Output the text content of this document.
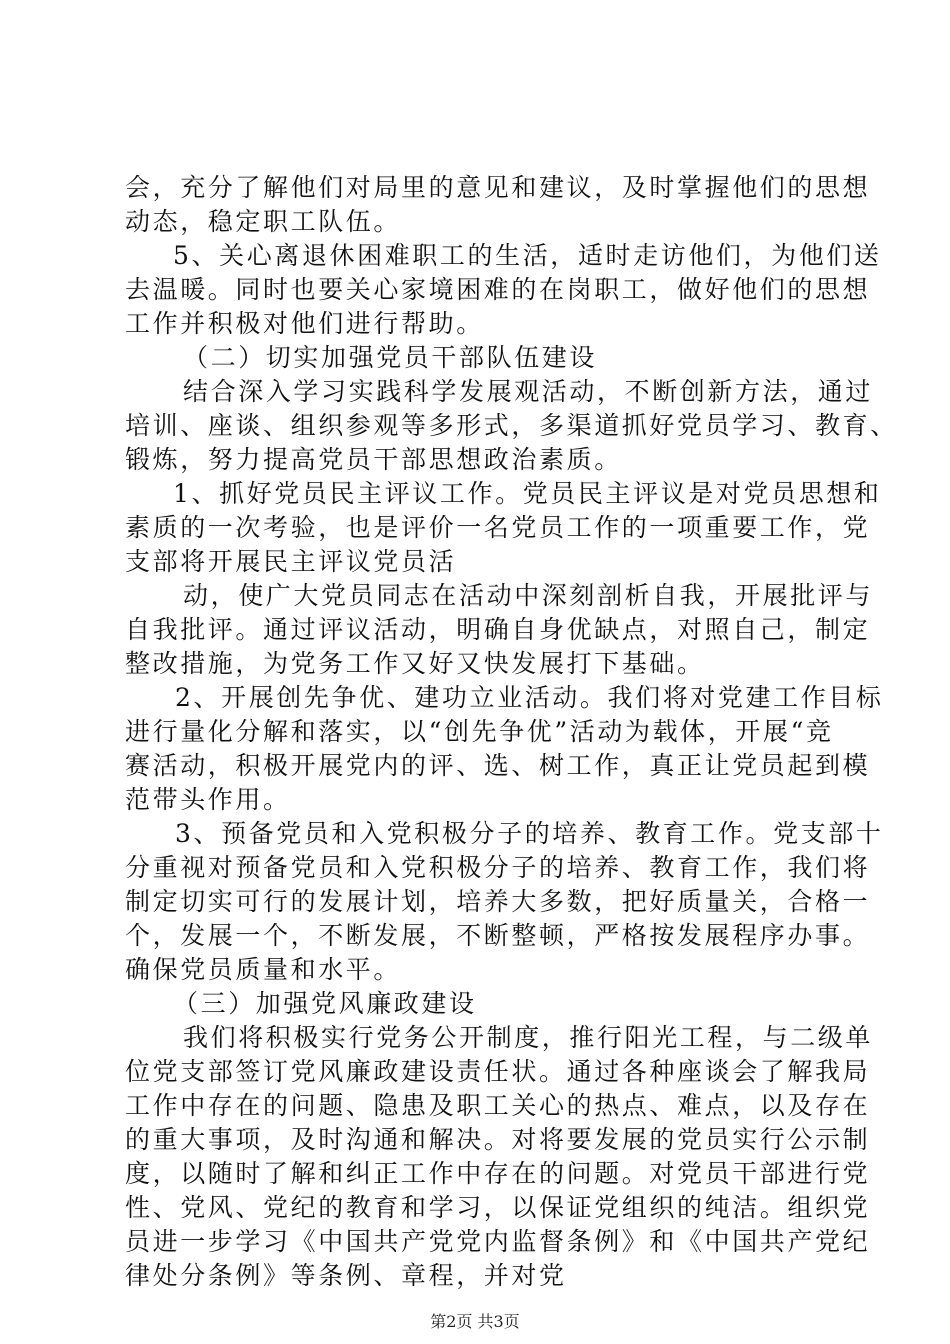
会，充分了解他们对局里的意见和建议，及时掌握他们的思想
动态，稳定职工队伍。
5、关心离退休困难职工的生活，适时走访他们，为他们送
去温暖。同时也要关心家境困难的在岗职工，做好他们的思想
工作并积极对他们进行帮助。
（二）切实加强党员干部队伍建设
结合深入学习实践科学发展观活动，不断创新方法，通过
培训、座谈、组织参观等多形式，多渠道抓好党员学习、教育、
锻炼，努力提高党员干部思想政治素质。
1、抓好党员民主评议工作。党员民主评议是对党员思想和
素质的一次考验，也是评价一名党员工作的一项重要工作，党
支部将开展民主评议党员活
动，使广大党员同志在活动中深刻剖析自我，开展批评与
自我批评。通过评议活动，明确自身优缺点，对照自己，制定
整改措施，为党务工作又好又快发展打下基础。
2、开展创先争优、建功立业活动。我们将对党建工作目标
进行量化分解和落实，以“创先争优”活动为载体，开展“竞
赛活动，积极开展党内的评、选、树工作，真正让党员起到模
范带头作用。
3、预备党员和入党积极分子的培养、教育工作。党支部十
分重视对预备党员和入党积极分子的培养、教育工作，我们将
制定切实可行的发展计划，培养大多数，把好质量关，合格一
个，发展一个，不断发展，不断整顿，严格按发展程序办事。
确保党员质量和水平。
（三）加强党风廉政建设
我们将积极实行党务公开制度，推行阳光工程，与二级单
位党支部签订党风廉政建设责任状。通过各种座谈会了解我局
工作中存在的问题、隐患及职工关心的热点、难点，以及存在
的重大事项，及时沟通和解决。对将要发展的党员实行公示制
度，以随时了解和纠正工作中存在的问题。对党员干部进行党
性、党风、党纪的教育和学习，以保证党组织的纯洁。组织党
员进一步学习《中国共产党党内监督条例》和《中国共产党纪
律处分条例》等条例、章程，并对党
第2页 共3页
